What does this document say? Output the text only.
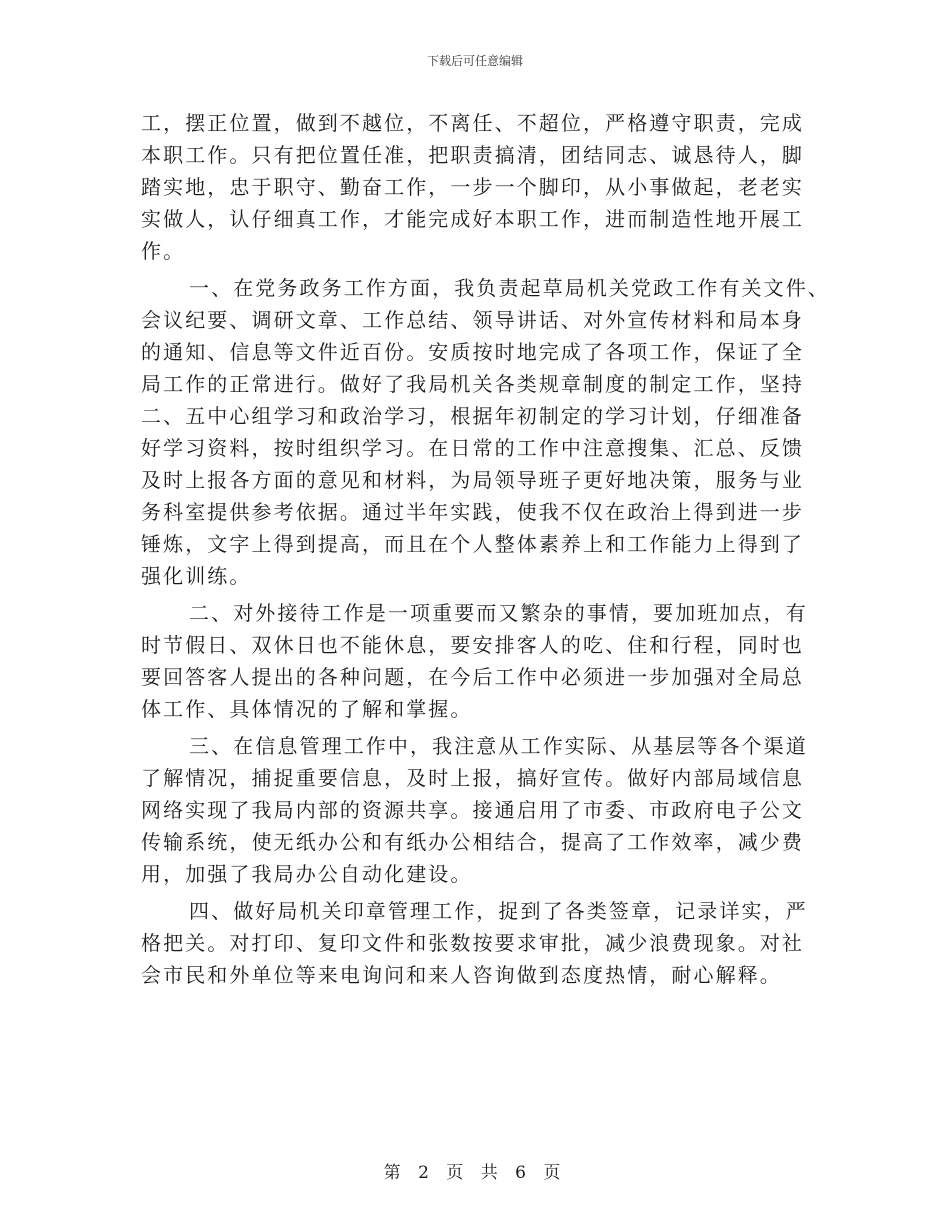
下载后可任意编辑
工，摆正位置，做到不越位，不离任、不超位，严格遵守职责，完成
本职工作。只有把位置任准，把职责搞清，团结同志、诚恳待人，脚
踏实地，忠于职守、勤奋工作，一步一个脚印，从小事做起，老老实
实做人，认仔细真工作，才能完成好本职工作，进而制造性地开展工
作。
一、在党务政务工作方面，我负责起草局机关党政工作有关文件、
会议纪要、调研文章、工作总结、领导讲话、对外宣传材料和局本身
的通知、信息等文件近百份。安质按时地完成了各项工作，保证了全
局工作的正常进行。做好了我局机关各类规章制度的制定工作，坚持
二、五中心组学习和政治学习，根据年初制定的学习计划，仔细准备
好学习资料，按时组织学习。在日常的工作中注意搜集、汇总、反馈
及时上报各方面的意见和材料，为局领导班子更好地决策，服务与业
务科室提供参考依据。通过半年实践，使我不仅在政治上得到进一步
锤炼，文字上得到提高，而且在个人整体素养上和工作能力上得到了
强化训练。
二、对外接待工作是一项重要而又繁杂的事情，要加班加点，有
时节假日、双休日也不能休息，要安排客人的吃、住和行程，同时也
要回答客人提出的各种问题，在今后工作中必须进一步加强对全局总
体工作、具体情况的了解和掌握。
三、在信息管理工作中，我注意从工作实际、从基层等各个渠道
了解情况，捕捉重要信息，及时上报，搞好宣传。做好内部局域信息
网络实现了我局内部的资源共享。接通启用了市委、市政府电子公文
传输系统，使无纸办公和有纸办公相结合，提高了工作效率，减少费
用，加强了我局办公自动化建设。
四、做好局机关印章管理工作，捉到了各类签章，记录详实，严
格把关。对打印、复印文件和张数按要求审批，减少浪费现象。对社
会市民和外单位等来电询问和来人咨询做到态度热情，耐心解释。
第 2 页 共 6 页
